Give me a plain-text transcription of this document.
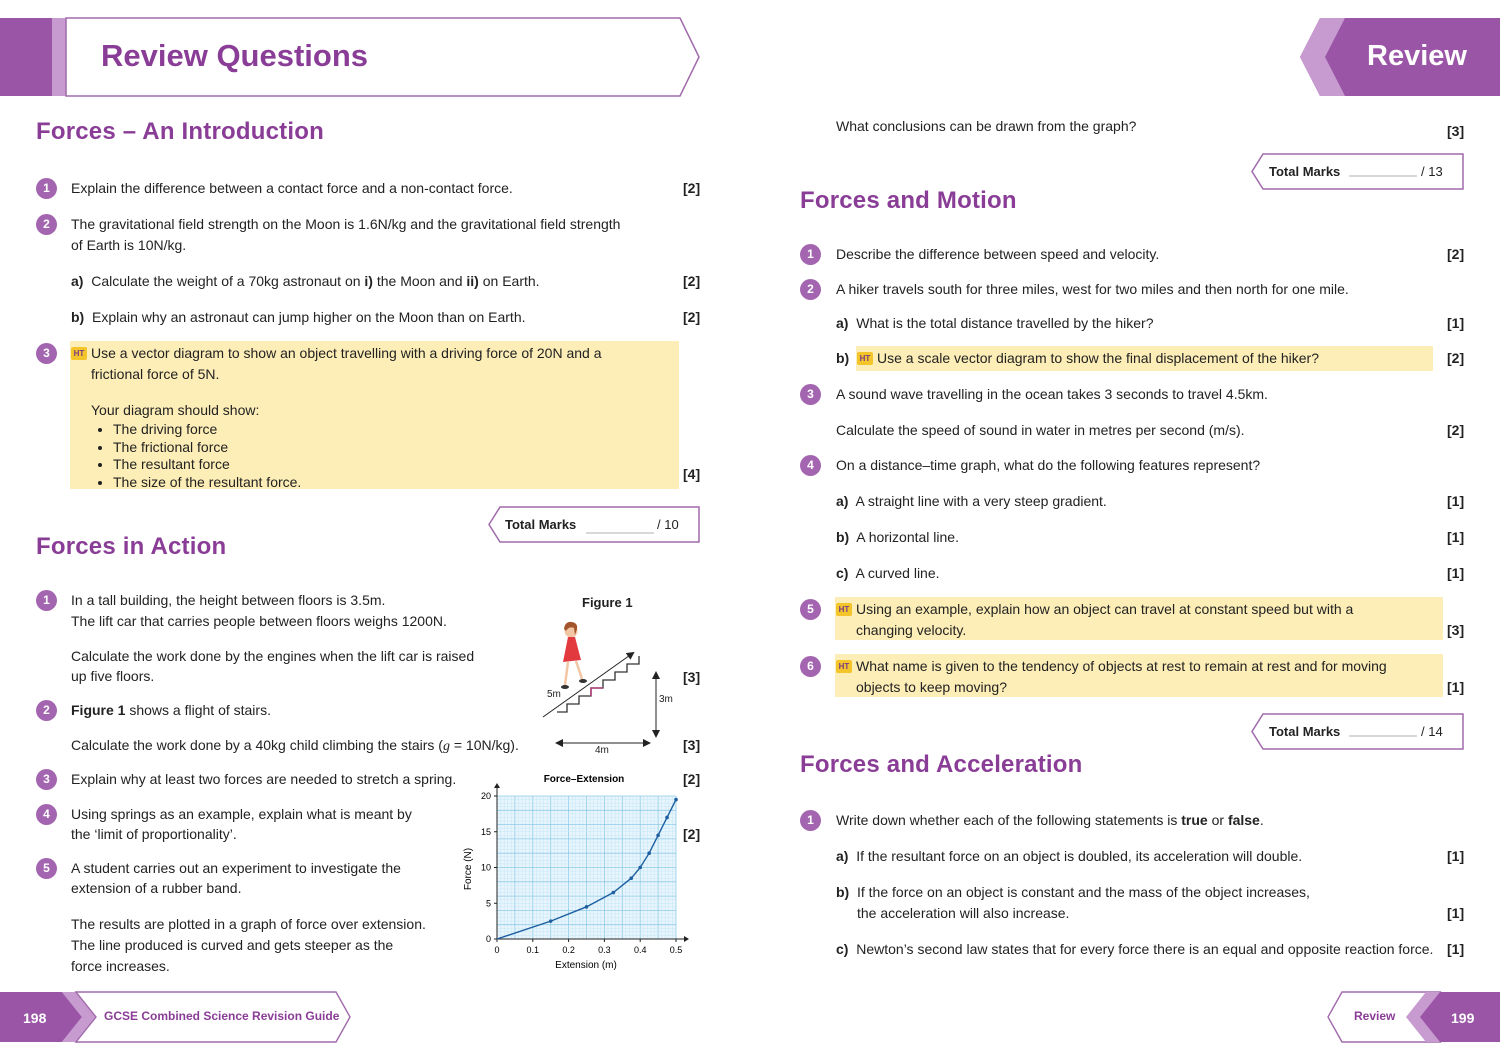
Review Questions	Review
Forces – An Introduction
1	Explain the difference between a contact force and a non-contact force.	[2]
2	The gravitational field strength on the Moon is 1.6N/kg and the gravitational field strength
of Earth is 10N/kg.
a) Calculate the weight of a 70kg astronaut on i) the Moon and ii) on Earth.	[2]
b) Explain why an astronaut can jump higher on the Moon than on Earth.	[2]
3	HT Use a vector diagram to show an object travelling with a driving force of 20N and a
frictional force of 5N.
Your diagram should show:
• The driving force
• The frictional force
• The resultant force
• The size of the resultant force.	[4]
Total Marks	/ 10
Forces in Action
1	In a tall building, the height between floors is 3.5m.
The lift car that carries people between floors weighs 1200N.
Calculate the work done by the engines when the lift car is raised
up five floors.	[3]
2	Figure 1 shows a flight of stairs.
Calculate the work done by a 40kg child climbing the stairs (g = 10N/kg).	[3]
3	Explain why at least two forces are needed to stretch a spring.	[2]
4	Using springs as an example, explain what is meant by
the ‘limit of proportionality’.	[2]
5	A student carries out an experiment to investigate the
extension of a rubber band.
The results are plotted in a graph of force over extension.
The line produced is curved and gets steeper as the
force increases.
Figure 1
5m	3m
4m
Force–Extension
0	0.1	0.2	0.3	0.4	0.5
0
5
10
15
20
Extension (m)
Force (N)
What conclusions can be drawn from the graph?	[3]
Total Marks	/ 13
Forces and Motion
1	Describe the difference between speed and velocity.	[2]
2	A hiker travels south for three miles, west for two miles and then north for one mile.
a) What is the total distance travelled by the hiker?	[1]
b) HT Use a scale vector diagram to show the final displacement of the hiker?	[2]
3	A sound wave travelling in the ocean takes 3 seconds to travel 4.5km.
Calculate the speed of sound in water in metres per second (m/s).	[2]
4	On a distance–time graph, what do the following features represent?
a) A straight line with a very steep gradient.	[1]
b) A horizontal line.	[1]
c) A curved line.	[1]
5	HT Using an example, explain how an object can travel at constant speed but with a
changing velocity.	[3]
6	HT What name is given to the tendency of objects at rest to remain at rest and for moving
objects to keep moving?	[1]
Total Marks	/ 14
Forces and Acceleration
1	Write down whether each of the following statements is true or false.
a) If the resultant force on an object is doubled, its acceleration will double.	[1]
b) If the force on an object is constant and the mass of the object increases,
the acceleration will also increase.	[1]
c) Newton’s second law states that for every force there is an equal and opposite reaction force. [1]
198	GCSE Combined Science Revision Guide	Review	199
